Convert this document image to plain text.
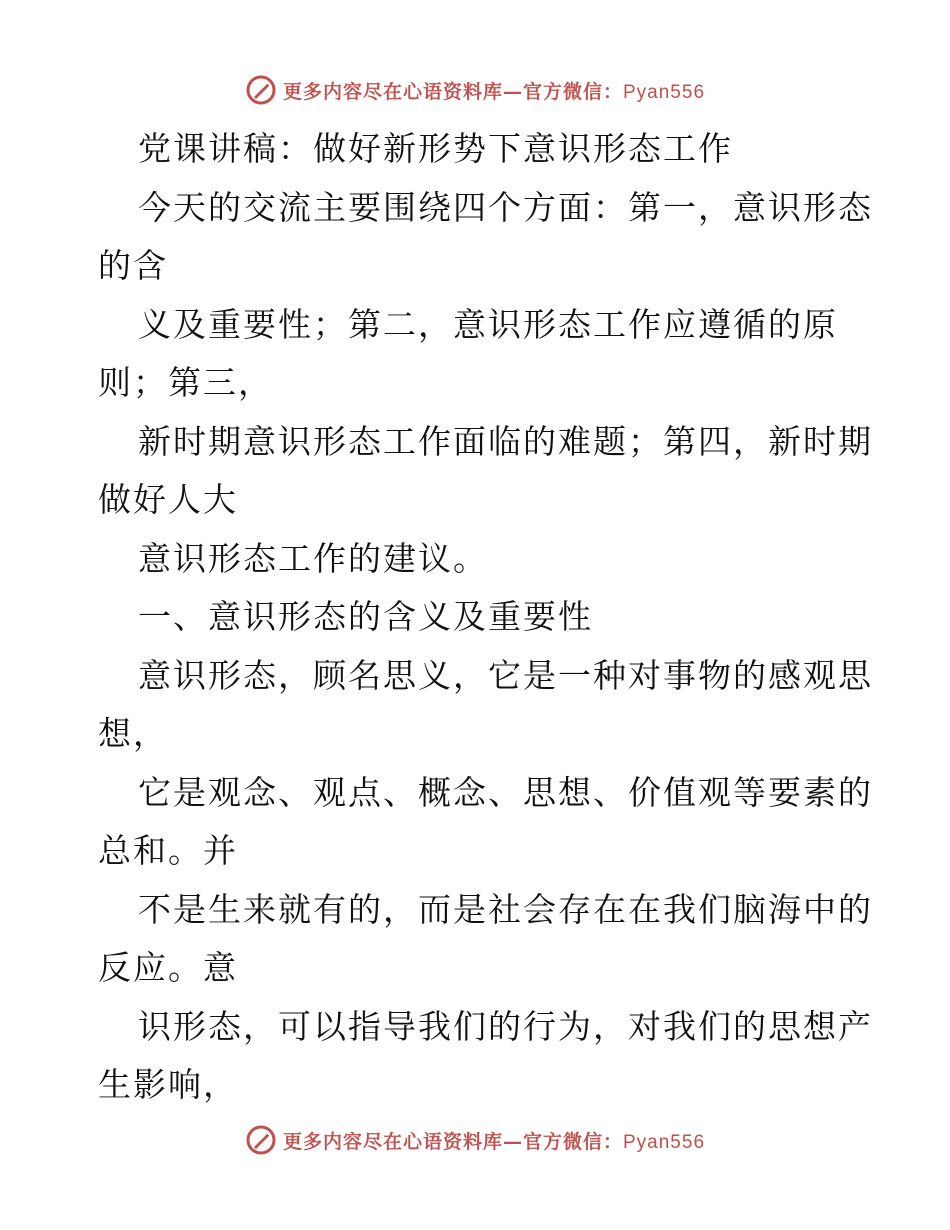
更多内容尽在心语资料库—官方微信：Pyan556
党课讲稿：做好新形势下意识形态工作
今天的交流主要围绕四个方面：第一，意识形态
的含
义及重要性；第二，意识形态工作应遵循的原
则；第三，
新时期意识形态工作面临的难题；第四，新时期
做好人大
意识形态工作的建议。
一、意识形态的含义及重要性
意识形态，顾名思义，它是一种对事物的感观思
想，
它是观念、观点、概念、思想、价值观等要素的
总和。并
不是生来就有的，而是社会存在在我们脑海中的
反应。意
识形态，可以指导我们的行为，对我们的思想产
生影响，
更多内容尽在心语资料库—官方微信：Pyan556
